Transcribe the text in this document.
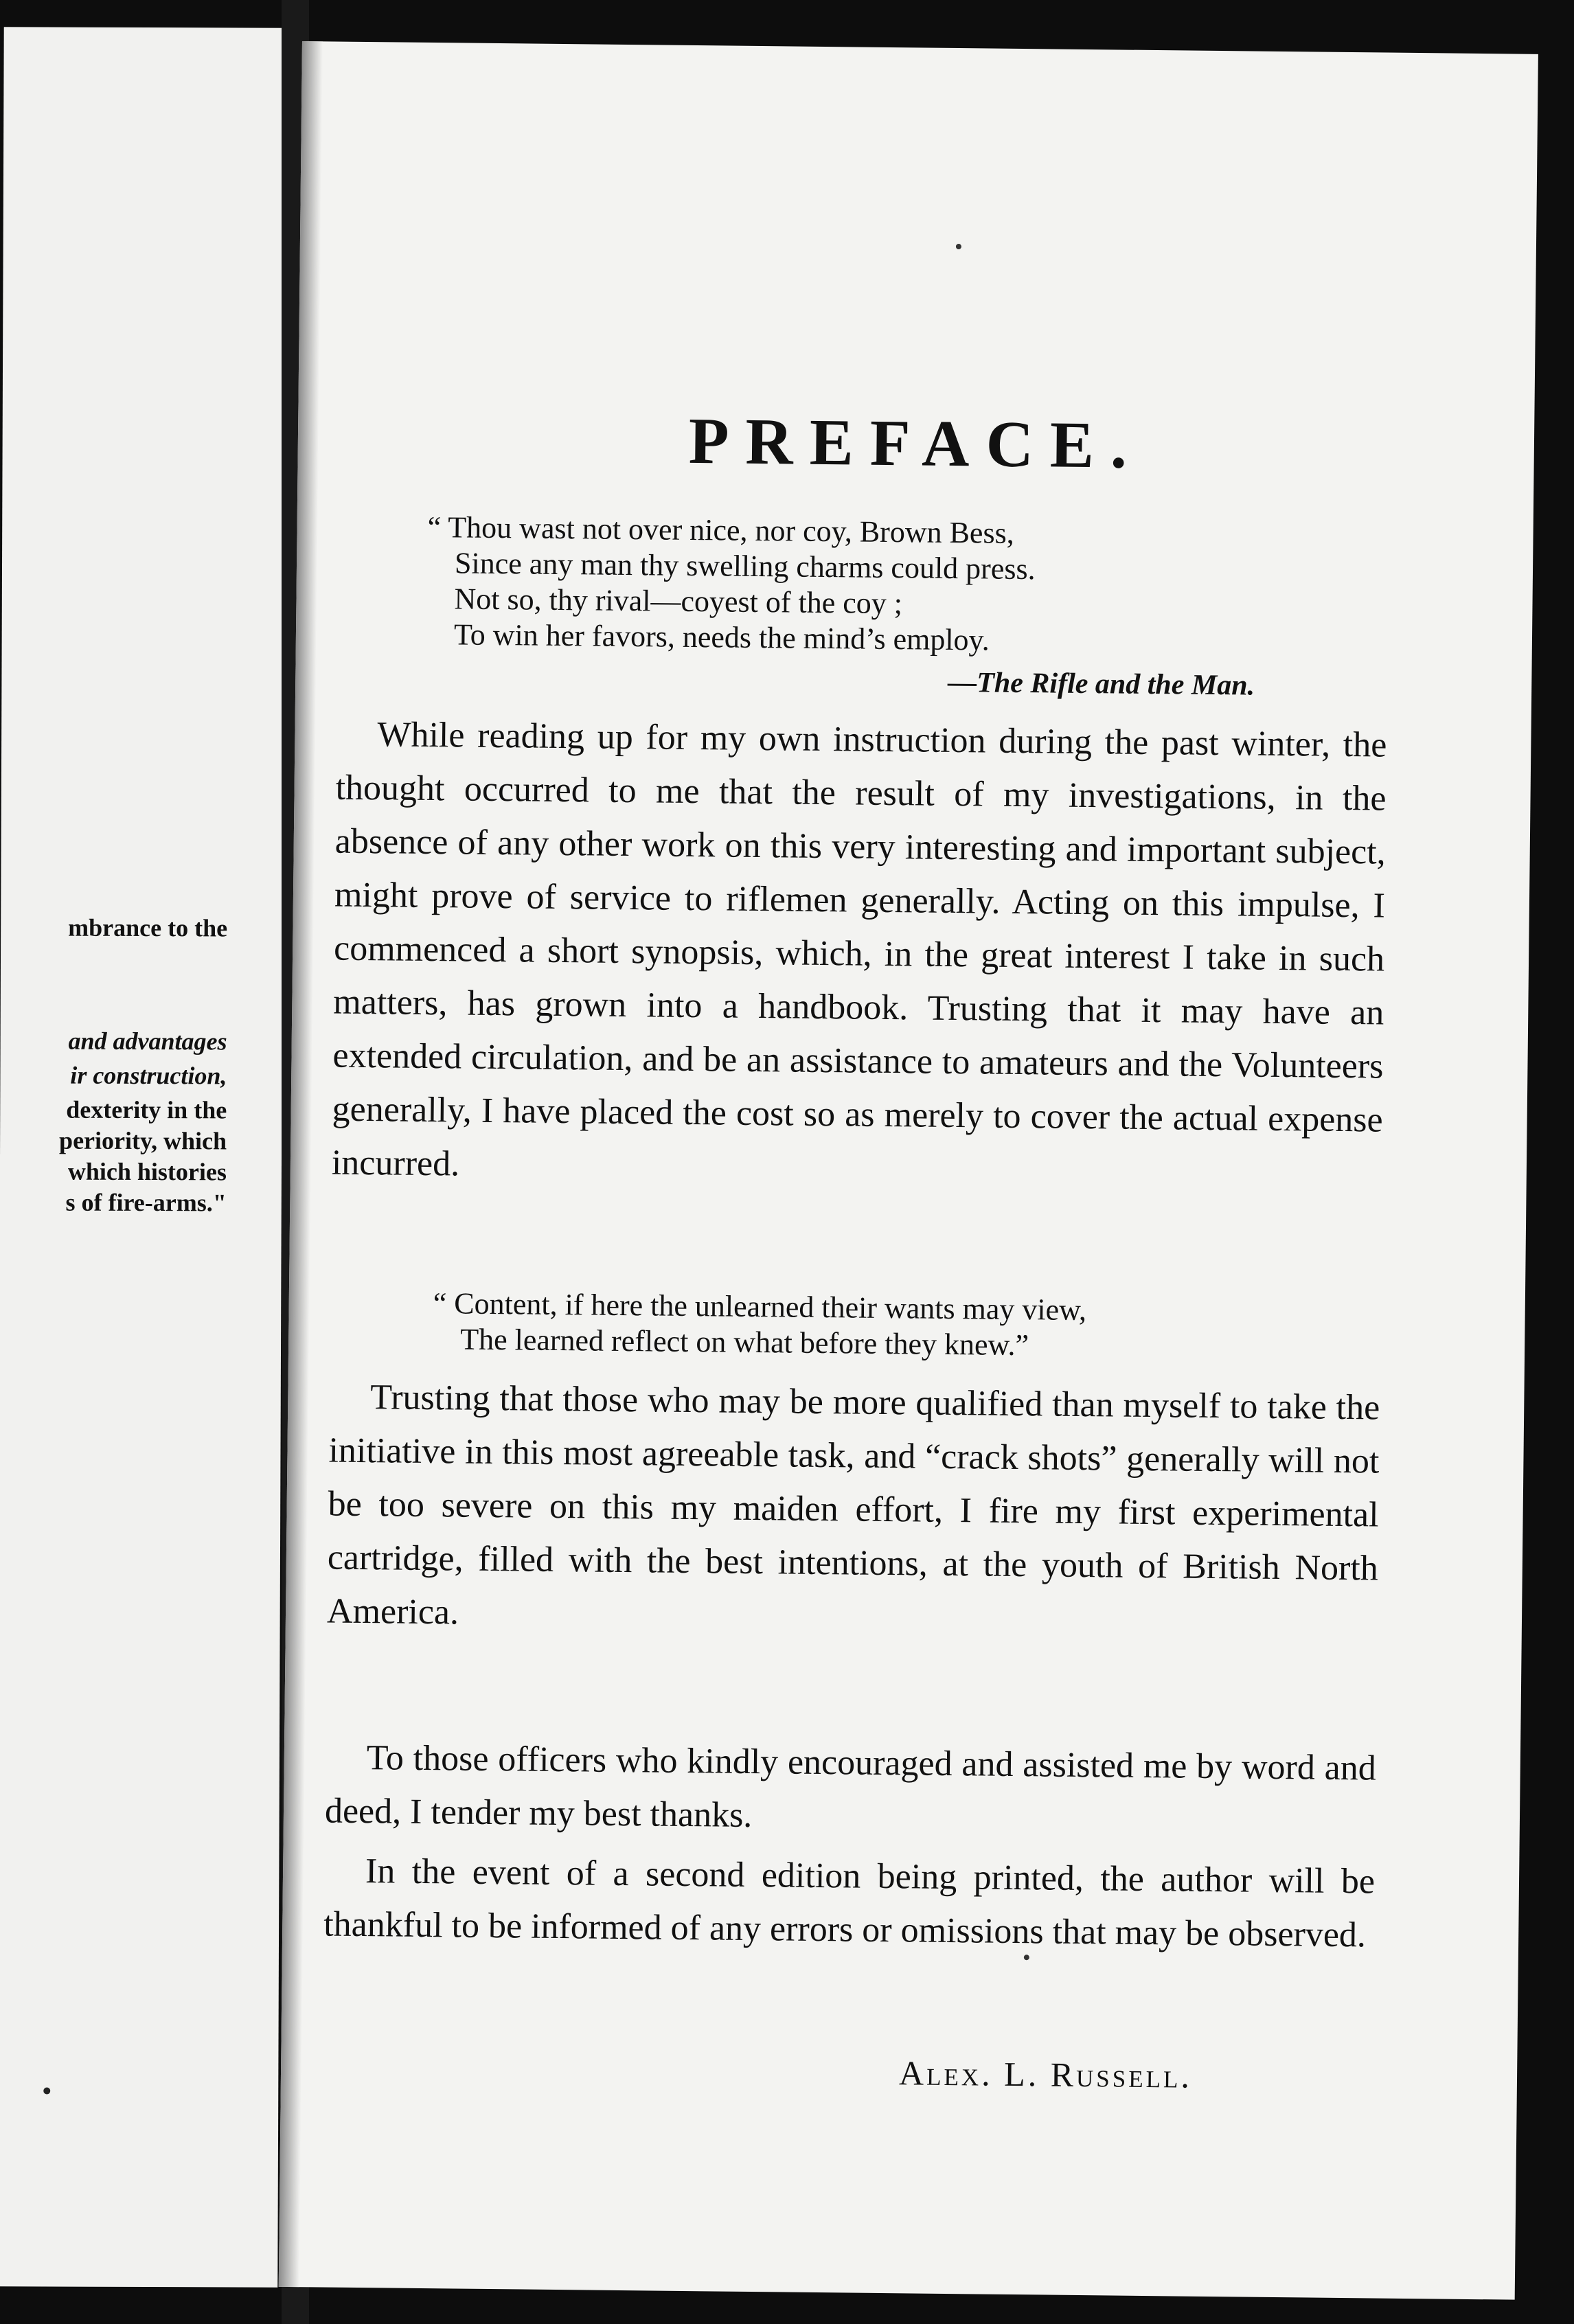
mbrance to the
and advantages
ir construction,
dexterity in the
periority, which
which histories
s of fire-arms."
PREFACE.
“ Thou wast not over nice, nor coy, Brown Bess,
Since any man thy swelling charms could press.
Not so, thy rival—coyest of the coy ;
To win her favors, needs the mind’s employ.
—The Rifle and the Man.
While reading up for my own instruction during the past winter, the thought occurred to me that the result of my investigations, in the absence of any other work on this very interesting and important subject, might prove of service to riflemen generally. Acting on this impulse, I commenced a short synopsis, which, in the great interest I take in such matters, has grown into a handbook. Trusting that it may have an extended circulation, and be an assistance to amateurs and the Volunteers generally, I have placed the cost so as merely to cover the actual expense incurred.
“ Content, if here the unlearned their wants may view,
The learned reflect on what before they knew.”
Trusting that those who may be more qualified than myself to take the initiative in this most agreeable task, and “crack shots” generally will not be too severe on this my maiden effort, I fire my first experimental cartridge, filled with the best intentions, at the youth of British North America.
To those officers who kindly encouraged and assisted me by word and deed, I tender my best thanks.
In the event of a second edition being printed, the author will be thankful to be informed of any errors or omissions that may be observed.
Alex. L. Russell.
